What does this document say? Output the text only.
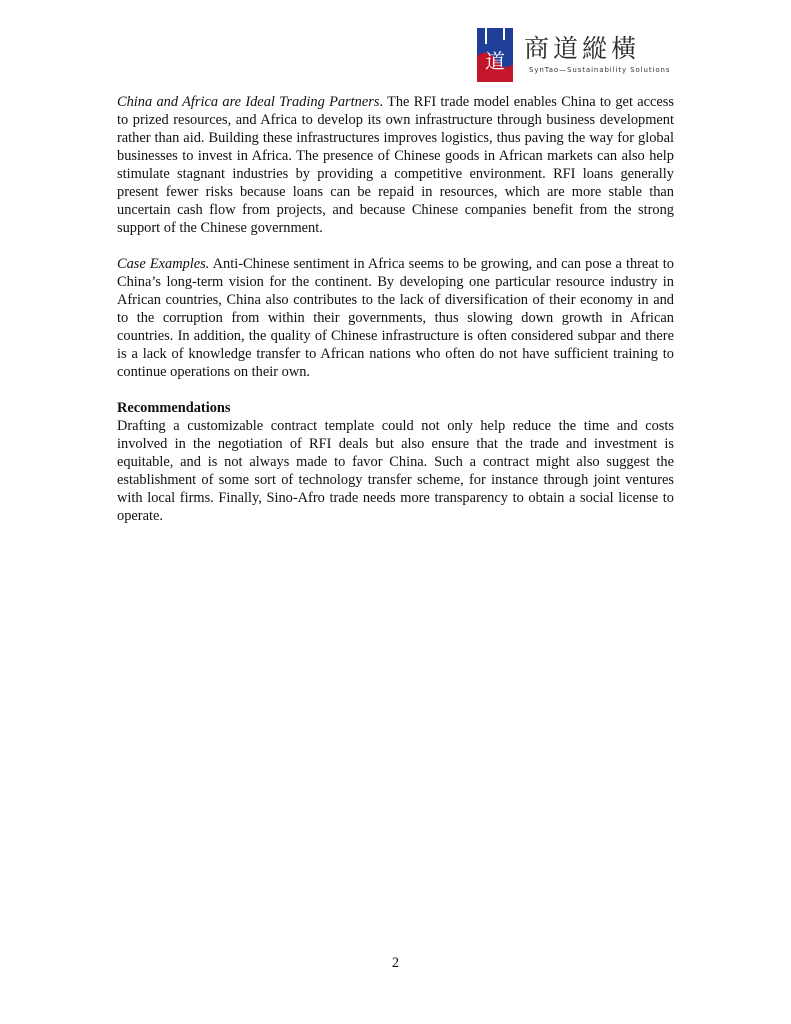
道 商道縱橫
SynTao—Sustainability Solutions

China and Africa are Ideal Trading Partners. The RFI trade model enables China to get access to prized resources, and Africa to develop its own infrastructure through business development rather than aid. Building these infrastructures improves logistics, thus paving the way for global businesses to invest in Africa. The presence of Chinese goods in African markets can also help stimulate stagnant industries by providing a competitive environment. RFI loans generally present fewer risks because loans can be repaid in resources, which are more stable than uncertain cash flow from projects, and because Chinese companies benefit from the strong support of the Chinese government.

Case Examples. Anti-Chinese sentiment in Africa seems to be growing, and can pose a threat to China’s long-term vision for the continent. By developing one particular resource industry in African countries, China also contributes to the lack of diversification of their economy in and to the corruption from within their governments, thus slowing down growth in African countries. In addition, the quality of Chinese infrastructure is often considered subpar and there is a lack of knowledge transfer to African nations who often do not have sufficient training to continue operations on their own.

Recommendations

Drafting a customizable contract template could not only help reduce the time and costs involved in the negotiation of RFI deals but also ensure that the trade and investment is equitable, and is not always made to favor China. Such a contract might also suggest the establishment of some sort of technology transfer scheme, for instance through joint ventures with local firms. Finally, Sino-Afro trade needs more transparency to obtain a social license to operate.

2
